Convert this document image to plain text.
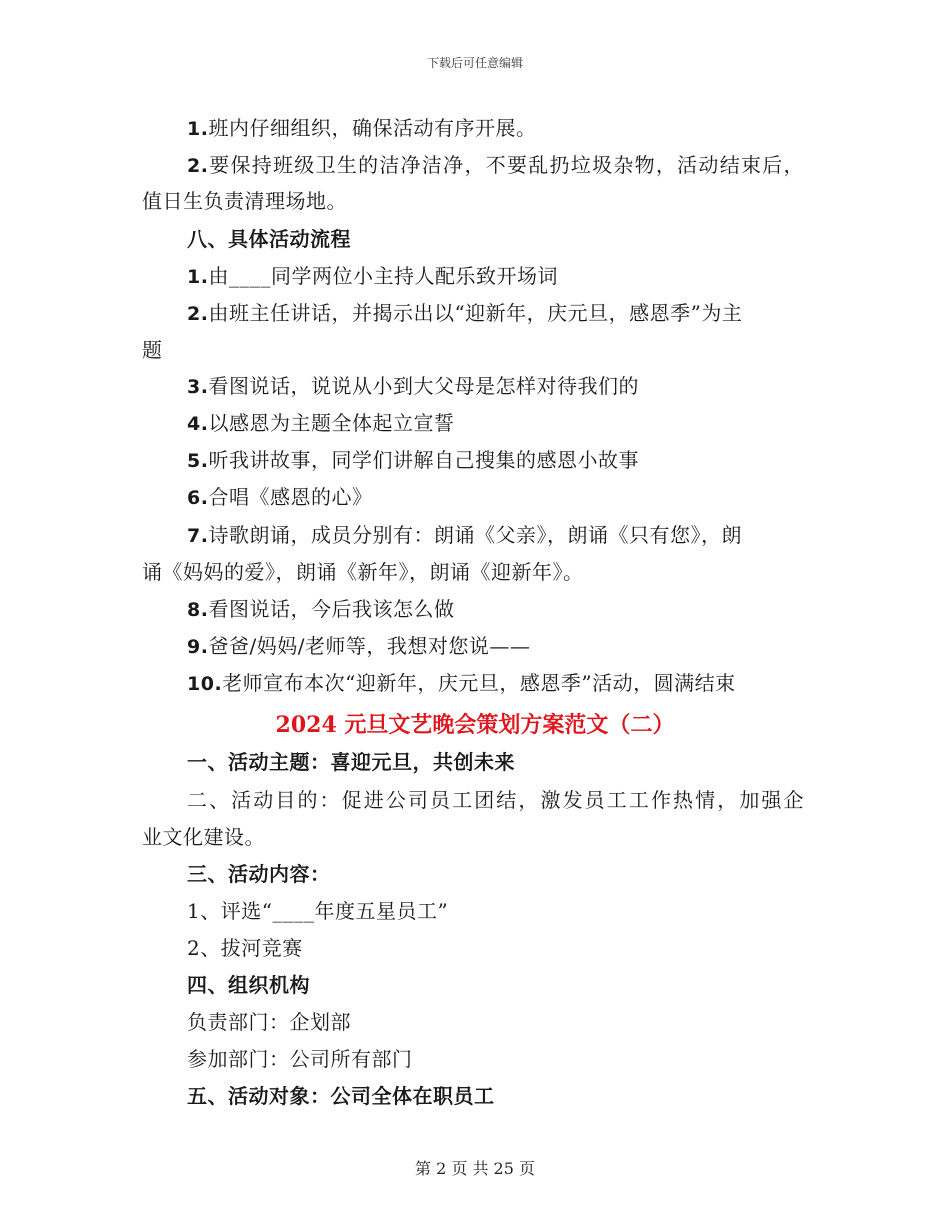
下载后可任意编辑
1.班内仔细组织，确保活动有序开展。
2.要保持班级卫生的洁净洁净，不要乱扔垃圾杂物，活动结束后，
值日生负责清理场地。
八、具体活动流程
1.由____同学两位小主持人配乐致开场词
2.由班主任讲话，并揭示出以“迎新年，庆元旦，感恩季”为主
题
3.看图说话，说说从小到大父母是怎样对待我们的
4.以感恩为主题全体起立宣誓
5.听我讲故事，同学们讲解自己搜集的感恩小故事
6.合唱《感恩的心》
7.诗歌朗诵，成员分别有：朗诵《父亲》，朗诵《只有您》，朗
诵《妈妈的爱》，朗诵《新年》，朗诵《迎新年》。
8.看图说话，今后我该怎么做
9.爸爸/妈妈/老师等，我想对您说——
10.老师宣布本次“迎新年，庆元旦，感恩季”活动，圆满结束
2024 元旦文艺晚会策划方案范文（二）
一、活动主题：喜迎元旦，共创未来
二、活动目的：促进公司员工团结，激发员工工作热情，加强企
业文化建设。
三、活动内容：
1、评选“____年度五星员工”
2、拔河竞赛
四、组织机构
负责部门：企划部
参加部门：公司所有部门
五、活动对象：公司全体在职员工
第 2 页 共 25 页
